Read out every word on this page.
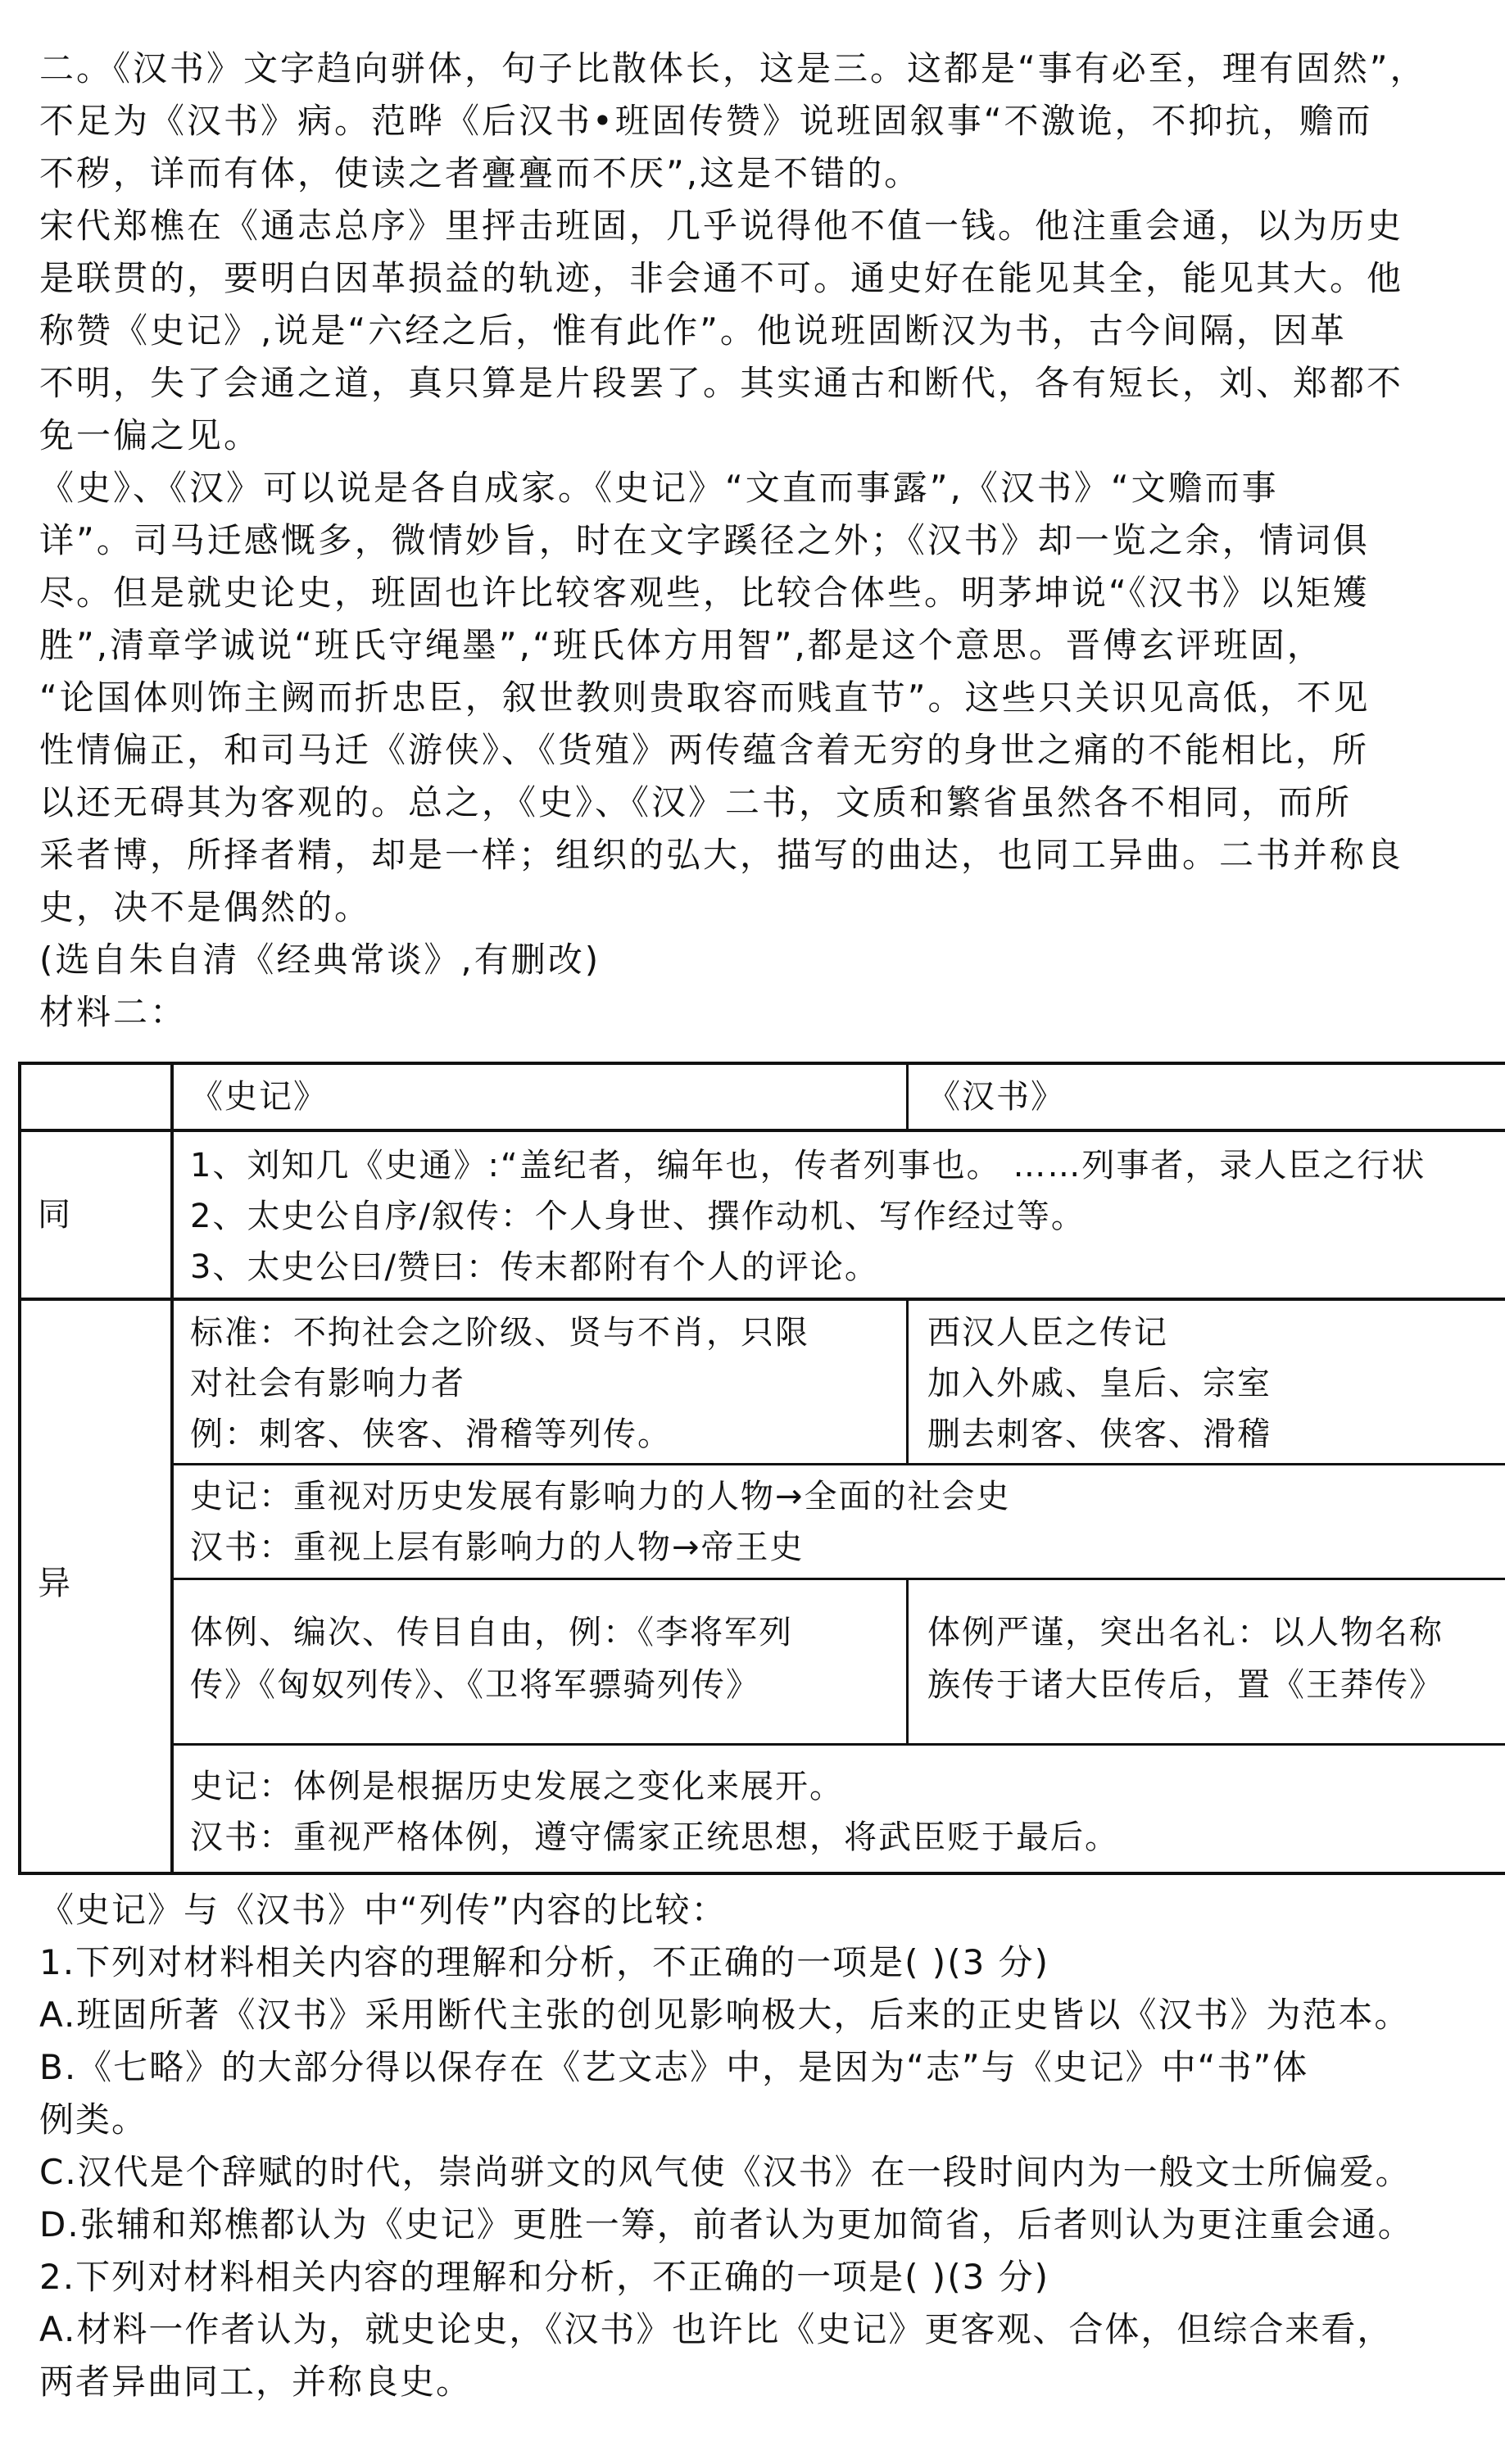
二。《汉书》文字趋向骈体，句子比散体长，这是三。这都是“事有必至，理有固然”，
不足为《汉书》病。范晔《后汉书•班固传赞》说班固叙事“不激诡，不抑抗，赡而
不秽，详而有体，使读之者亹亹而不厌”,这是不错的。
宋代郑樵在《通志总序》里抨击班固，几乎说得他不值一钱。他注重会通，以为历史
是联贯的，要明白因革损益的轨迹，非会通不可。通史好在能见其全，能见其大。他
称赞《史记》,说是“六经之后，惟有此作”。他说班固断汉为书，古今间隔，因革
不明，失了会通之道，真只算是片段罢了。其实通古和断代，各有短长，刘、郑都不
免一偏之见。
《史》、《汉》可以说是各自成家。《史记》“文直而事露”,《汉书》“文赡而事
详”。司马迁感慨多，微情妙旨，时在文字蹊径之外；《汉书》却一览之余，情词俱
尽。但是就史论史，班固也许比较客观些，比较合体些。明茅坤说“《汉书》以矩矱
胜”,清章学诚说“班氏守绳墨”,“班氏体方用智”,都是这个意思。晋傅玄评班固，
“论国体则饰主阙而折忠臣，叙世教则贵取容而贱直节”。这些只关识见高低，不见
性情偏正，和司马迁《游侠》、《货殖》两传蕴含着无穷的身世之痛的不能相比，所
以还无碍其为客观的。总之，《史》、《汉》二书，文质和繁省虽然各不相同，而所
采者博，所择者精，却是一样；组织的弘大，描写的曲达，也同工异曲。二书并称良
史，决不是偶然的。
(选自朱自清《经典常谈》,有删改)
材料二：
《史记》	《汉书》
同
1、刘知几《史通》:“盖纪者，编年也，传者列事也。 ……列事者，录人臣之行状
2、太史公自序/叙传：个人身世、撰作动机、写作经过等。
3、太史公曰/赞曰：传末都附有个人的评论。
异
标准：不拘社会之阶级、贤与不肖，只限
对社会有影响力者
例：刺客、侠客、滑稽等列传。
西汉人臣之传记
加入外戚、皇后、宗室
删去刺客、侠客、滑稽
史记：重视对历史发展有影响力的人物→全面的社会史
汉书：重视上层有影响力的人物→帝王史
体例、编次、传目自由，例：《李将军列
传》《匈奴列传》、《卫将军骠骑列传》
体例严谨，突出名礼：以人物名称
族传于诸大臣传后，置《王莽传》
史记：体例是根据历史发展之变化来展开。
汉书：重视严格体例，遵守儒家正统思想，将武臣贬于最后。
《史记》与《汉书》中“列传”内容的比较：
1.下列对材料相关内容的理解和分析，不正确的一项是( )(3 分)
A.班固所著《汉书》采用断代主张的创见影响极大，后来的正史皆以《汉书》为范本。
B.《七略》的大部分得以保存在《艺文志》中，是因为“志”与《史记》中“书”体
例类。
C.汉代是个辞赋的时代，崇尚骈文的风气使《汉书》在一段时间内为一般文士所偏爱。
D.张辅和郑樵都认为《史记》更胜一筹，前者认为更加简省，后者则认为更注重会通。
2.下列对材料相关内容的理解和分析，不正确的一项是( )(3 分)
A.材料一作者认为，就史论史，《汉书》也许比《史记》更客观、合体，但综合来看，
两者异曲同工，并称良史。
